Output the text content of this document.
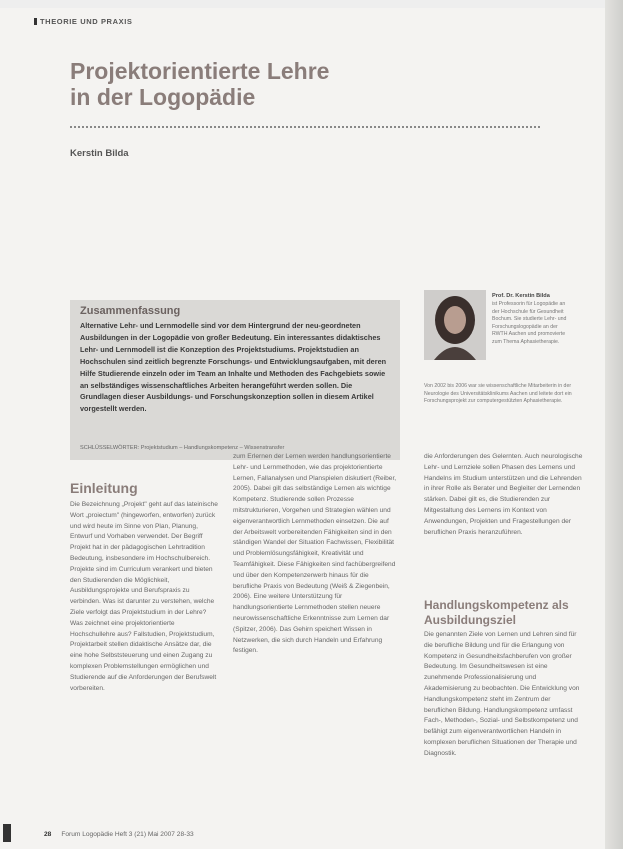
THEORIE UND PRAXIS
Projektorientierte Lehre
in der Logopädie
Kerstin Bilda
Zusammenfassung
Alternative Lehr- und Lernmodelle sind vor dem Hintergrund der neu-geordneten Ausbildungen in der Logopädie von großer Bedeutung. Ein interessantes didaktisches Lehr- und Lernmodell ist die Konzeption des Projektstudiums. Projektstudien an Hochschulen sind zeitlich begrenzte Forschungs- und Entwicklungsaufgaben, mit deren Hilfe Studierende einzeln oder im Team an Inhalte und Methoden des Fachgebiets sowie an selbständiges wissenschaftliches Arbeiten herangeführt werden sollen. Die Grundlagen dieser Ausbildungs- und Forschungskonzeption sollen in diesem Artikel vorgestellt werden.
SCHLÜSSELWÖRTER: Projektstudium – Handlungskompetenz – Wissenstransfer
Prof. Dr. Kerstin Bilda
ist Professorin für Logopädie an der Hochschule für Gesundheit Bochum. Sie studierte Lehr- und Forschungslogopädie an der RWTH Aachen und promovierte zum Thema Aphasietherapie.
Von 2002 bis 2006 war sie wissenschaftliche Mitarbeiterin in der Neurologie des Universitätsklinikums Aachen und leitete dort ein Forschungsprojekt zur computergestützten Aphasietherapie.
Einleitung
Die Bezeichnung „Projekt" geht auf das lateinische Wort „proiectum" (hingeworfen, entworfen) zurück und wird heute im Sinne von Plan, Planung, Entwurf und Vorhaben verwendet. Der Begriff Projekt hat in der pädagogischen Lehrtradition Bedeutung, insbesondere im Hochschulbereich. Projekte sind im Curriculum verankert und bieten den Studierenden die Möglichkeit, Ausbildungsprojekte und Berufspraxis zu verbinden. Was ist darunter zu verstehen, welche Ziele verfolgt das Projektstudium in der Lehre? Was zeichnet eine projektorientierte Hochschullehre aus? Fallstudien, Projektstudium, Projektarbeit stellen didaktische Ansätze dar, die eine hohe Selbststeuerung und einen Zugang zu komplexen Problemstellungen ermöglichen und Studierende auf die Anforderungen der Berufswelt vorbereiten.
zum Erlernen der Lernen werden handlungsorientierte Lehr- und Lernmethoden, wie das projektorientierte Lernen, Fallanalysen und Planspielen diskutiert (Reiber, 2005). Dabei gilt das selbständige Lernen als wichtige Kompetenz. Studierende sollen Prozesse mitstrukturieren, Vorgehen und Strategien wählen und eigenverantwortlich Lernmethoden einsetzen. Die auf der Arbeitswelt vorbereitenden Fähigkeiten sind in den ständigen Wandel der Situation Fachwissen, Flexibilität und Problemlösungsfähigkeit, Kreativität und Teamfähigkeit. Diese Fähigkeiten sind fachübergreifend und über den Kompetenzerwerb hinaus für die berufliche Praxis von Bedeutung (Weiß & Ziegenbein, 2006). Eine weitere Unterstützung für handlungsorientierte Lernmethoden stellen neuere neurowissenschaftliche Erkenntnisse zum Lernen dar (Spitzer, 2006). Das Gehirn speichert Wissen in Netzwerken, die sich durch Handeln und Erfahrung festigen.
die Anforderungen des Gelernten. Auch neurologische Lehr- und Lernziele sollen Phasen des Lernens und Handelns im Studium unterstützen und die Lehrenden in ihrer Rolle als Berater und Begleiter der Lernenden stärken. Dabei gilt es, die Studierenden zur Mitgestaltung des Lernens im Kontext von Anwendungen, Projekten und Fragestellungen der beruflichen Praxis heranzuführen.
Handlungskompetenz als Ausbildungsziel
Die genannten Ziele von Lernen und Lehren sind für die berufliche Bildung und für die Erlangung von Kompetenz in Gesundheitsfachberufen von großer Bedeutung. Im Gesundheitswesen ist eine zunehmende Professionalisierung und Akademisierung zu beobachten. Die Entwicklung von Handlungskompetenz steht im Zentrum der beruflichen Bildung. Handlungskompetenz umfasst Fach-, Methoden-, Sozial- und Selbstkompetenz und befähigt zum eigenverantwortlichen Handeln in komplexen beruflichen Situationen der Therapie und Diagnostik.
28 Forum Logopädie Heft 3 (21) Mai 2007 28-33
